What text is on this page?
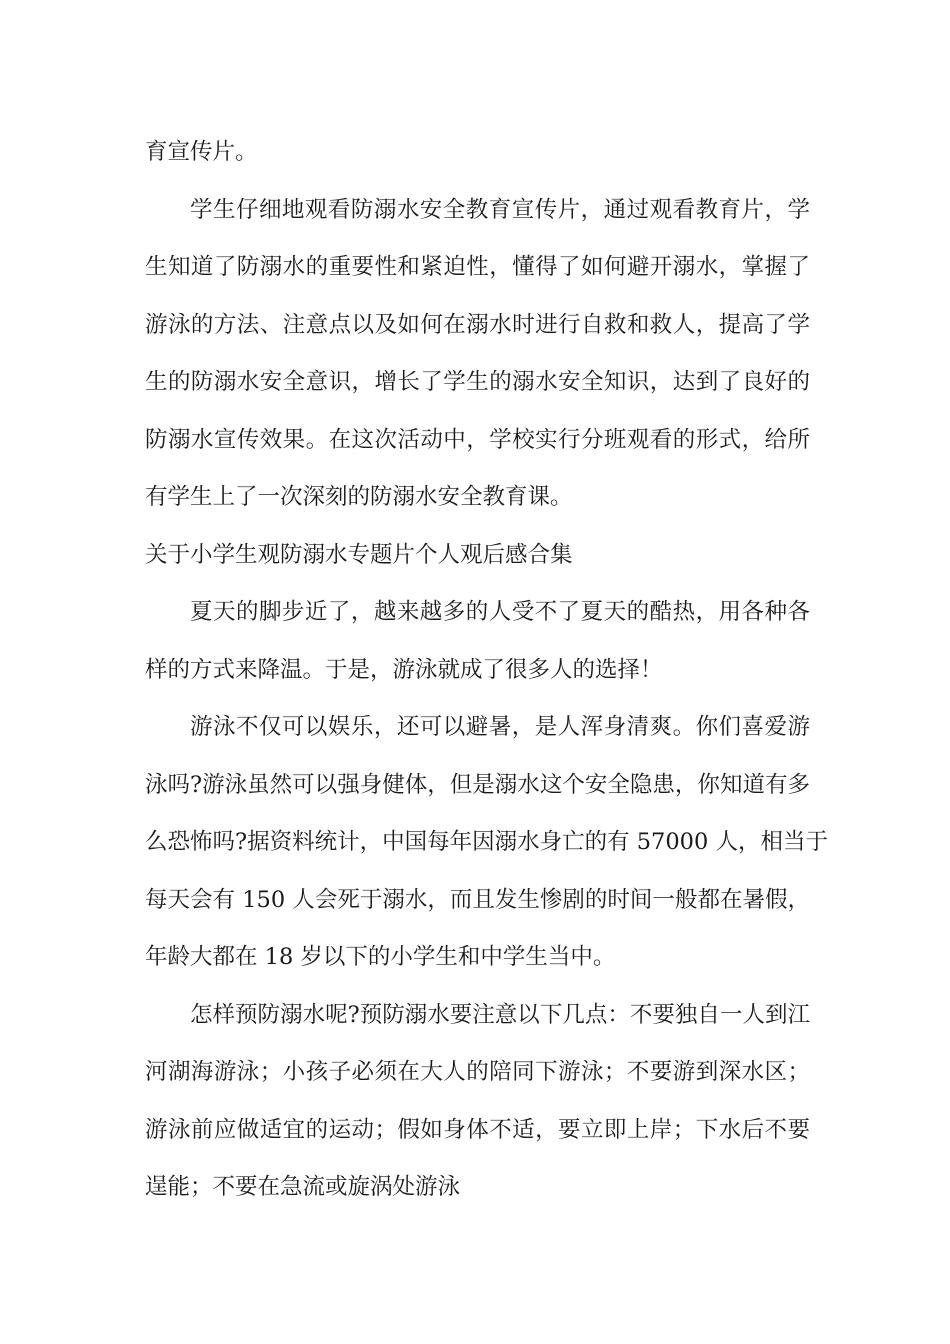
育宣传片。
学生仔细地观看防溺水安全教育宣传片，通过观看教育片，学
生知道了防溺水的重要性和紧迫性，懂得了如何避开溺水，掌握了
游泳的方法、注意点以及如何在溺水时进行自救和救人，提高了学
生的防溺水安全意识，增长了学生的溺水安全知识，达到了良好的
防溺水宣传效果。在这次活动中，学校实行分班观看的形式，给所
有学生上了一次深刻的防溺水安全教育课。
关于小学生观防溺水专题片个人观后感合集
夏天的脚步近了，越来越多的人受不了夏天的酷热，用各种各
样的方式来降温。于是，游泳就成了很多人的选择！
游泳不仅可以娱乐，还可以避暑，是人浑身清爽。你们喜爱游
泳吗?游泳虽然可以强身健体，但是溺水这个安全隐患，你知道有多
么恐怖吗?据资料统计，中国每年因溺水身亡的有 57000 人，相当于
每天会有 150 人会死于溺水，而且发生惨剧的时间一般都在暑假，
年龄大都在 18 岁以下的小学生和中学生当中。
怎样预防溺水呢?预防溺水要注意以下几点：不要独自一人到江
河湖海游泳；小孩子必须在大人的陪同下游泳；不要游到深水区；
游泳前应做适宜的运动；假如身体不适，要立即上岸；下水后不要
逞能；不要在急流或旋涡处游泳
